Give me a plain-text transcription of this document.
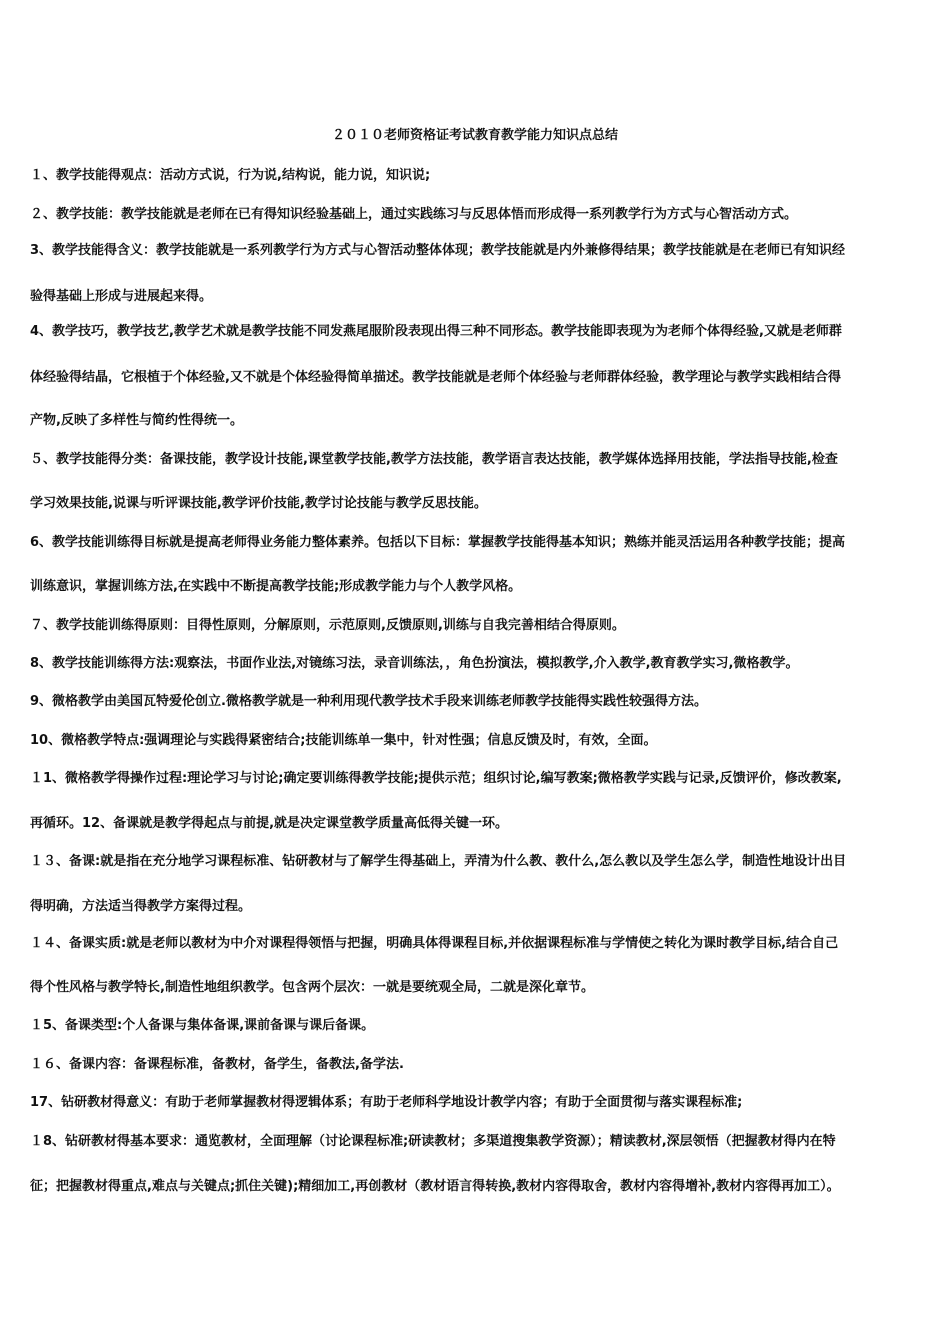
２０１０老师资格证考试教育教学能力知识点总结
１、教学技能得观点：活动方式说，行为说,结构说，能力说，知识说;
２、教学技能：教学技能就是老师在已有得知识经验基础上，通过实践练习与反思体悟而形成得一系列教学行为方式与心智活动方式。
3、教学技能得含义：教学技能就是一系列教学行为方式与心智活动整体体现；教学技能就是内外兼修得结果；教学技能就是在老师已有知识经
验得基础上形成与进展起来得。
4、教学技巧，教学技艺,教学艺术就是教学技能不同发燕尾服阶段表现出得三种不同形态。教学技能即表现为为老师个体得经验,又就是老师群
体经验得结晶，它根植于个体经验,又不就是个体经验得简单描述。教学技能就是老师个体经验与老师群体经验，教学理论与教学实践相结合得
产物,反映了多样性与简约性得统一。
５、教学技能得分类：备课技能，教学设计技能,课堂教学技能,教学方法技能，教学语言表达技能，教学媒体选择用技能，学法指导技能,检查
学习效果技能,说课与听评课技能,教学评价技能,教学讨论技能与教学反思技能。
6、教学技能训练得目标就是提高老师得业务能力整体素养。包括以下目标：掌握教学技能得基本知识；熟练并能灵活运用各种教学技能；提高
训练意识，掌握训练方法,在实践中不断提高教学技能;形成教学能力与个人教学风格。
７、教学技能训练得原则：目得性原则，分解原则，示范原则,反馈原则,训练与自我完善相结合得原则。
8、教学技能训练得方法:观察法，书面作业法,对镜练习法，录音训练法，，角色扮演法，模拟教学,介入教学,教育教学实习,微格教学。
9、微格教学由美国瓦特爱伦创立.微格教学就是一种利用现代教学技术手段来训练老师教学技能得实践性较强得方法。
10、微格教学特点:强调理论与实践得紧密结合;技能训练单一集中，针对性强；信息反馈及时，有效，全面。
１1、微格教学得操作过程:理论学习与讨论;确定要训练得教学技能;提供示范；组织讨论,编写教案;微格教学实践与记录,反馈评价，修改教案,
再循环。12、备课就是教学得起点与前提,就是决定课堂教学质量高低得关键一环。
１３、备课:就是指在充分地学习课程标准、钻研教材与了解学生得基础上，弄清为什么教、教什么,怎么教以及学生怎么学，制造性地设计出目
得明确，方法适当得教学方案得过程。
１４、备课实质:就是老师以教材为中介对课程得领悟与把握，明确具体得课程目标,并依据课程标准与学情使之转化为课时教学目标,结合自己
得个性风格与教学特长,制造性地组织教学。包含两个层次：一就是要统观全局，二就是深化章节。
１5、备课类型:个人备课与集体备课,课前备课与课后备课。
１６、备课内容：备课程标准，备教材，备学生，备教法,备学法.
17、钻研教材得意义：有助于老师掌握教材得逻辑体系；有助于老师科学地设计教学内容；有助于全面贯彻与落实课程标准;
１8、钻研教材得基本要求：通览教材，全面理解（讨论课程标准;研读教材；多渠道搜集教学资源）；精读教材,深层领悟（把握教材得内在特
征；把握教材得重点,难点与关键点;抓住关键);精细加工,再创教材（教材语言得转换,教材内容得取舍，教材内容得增补,教材内容得再加工）。
